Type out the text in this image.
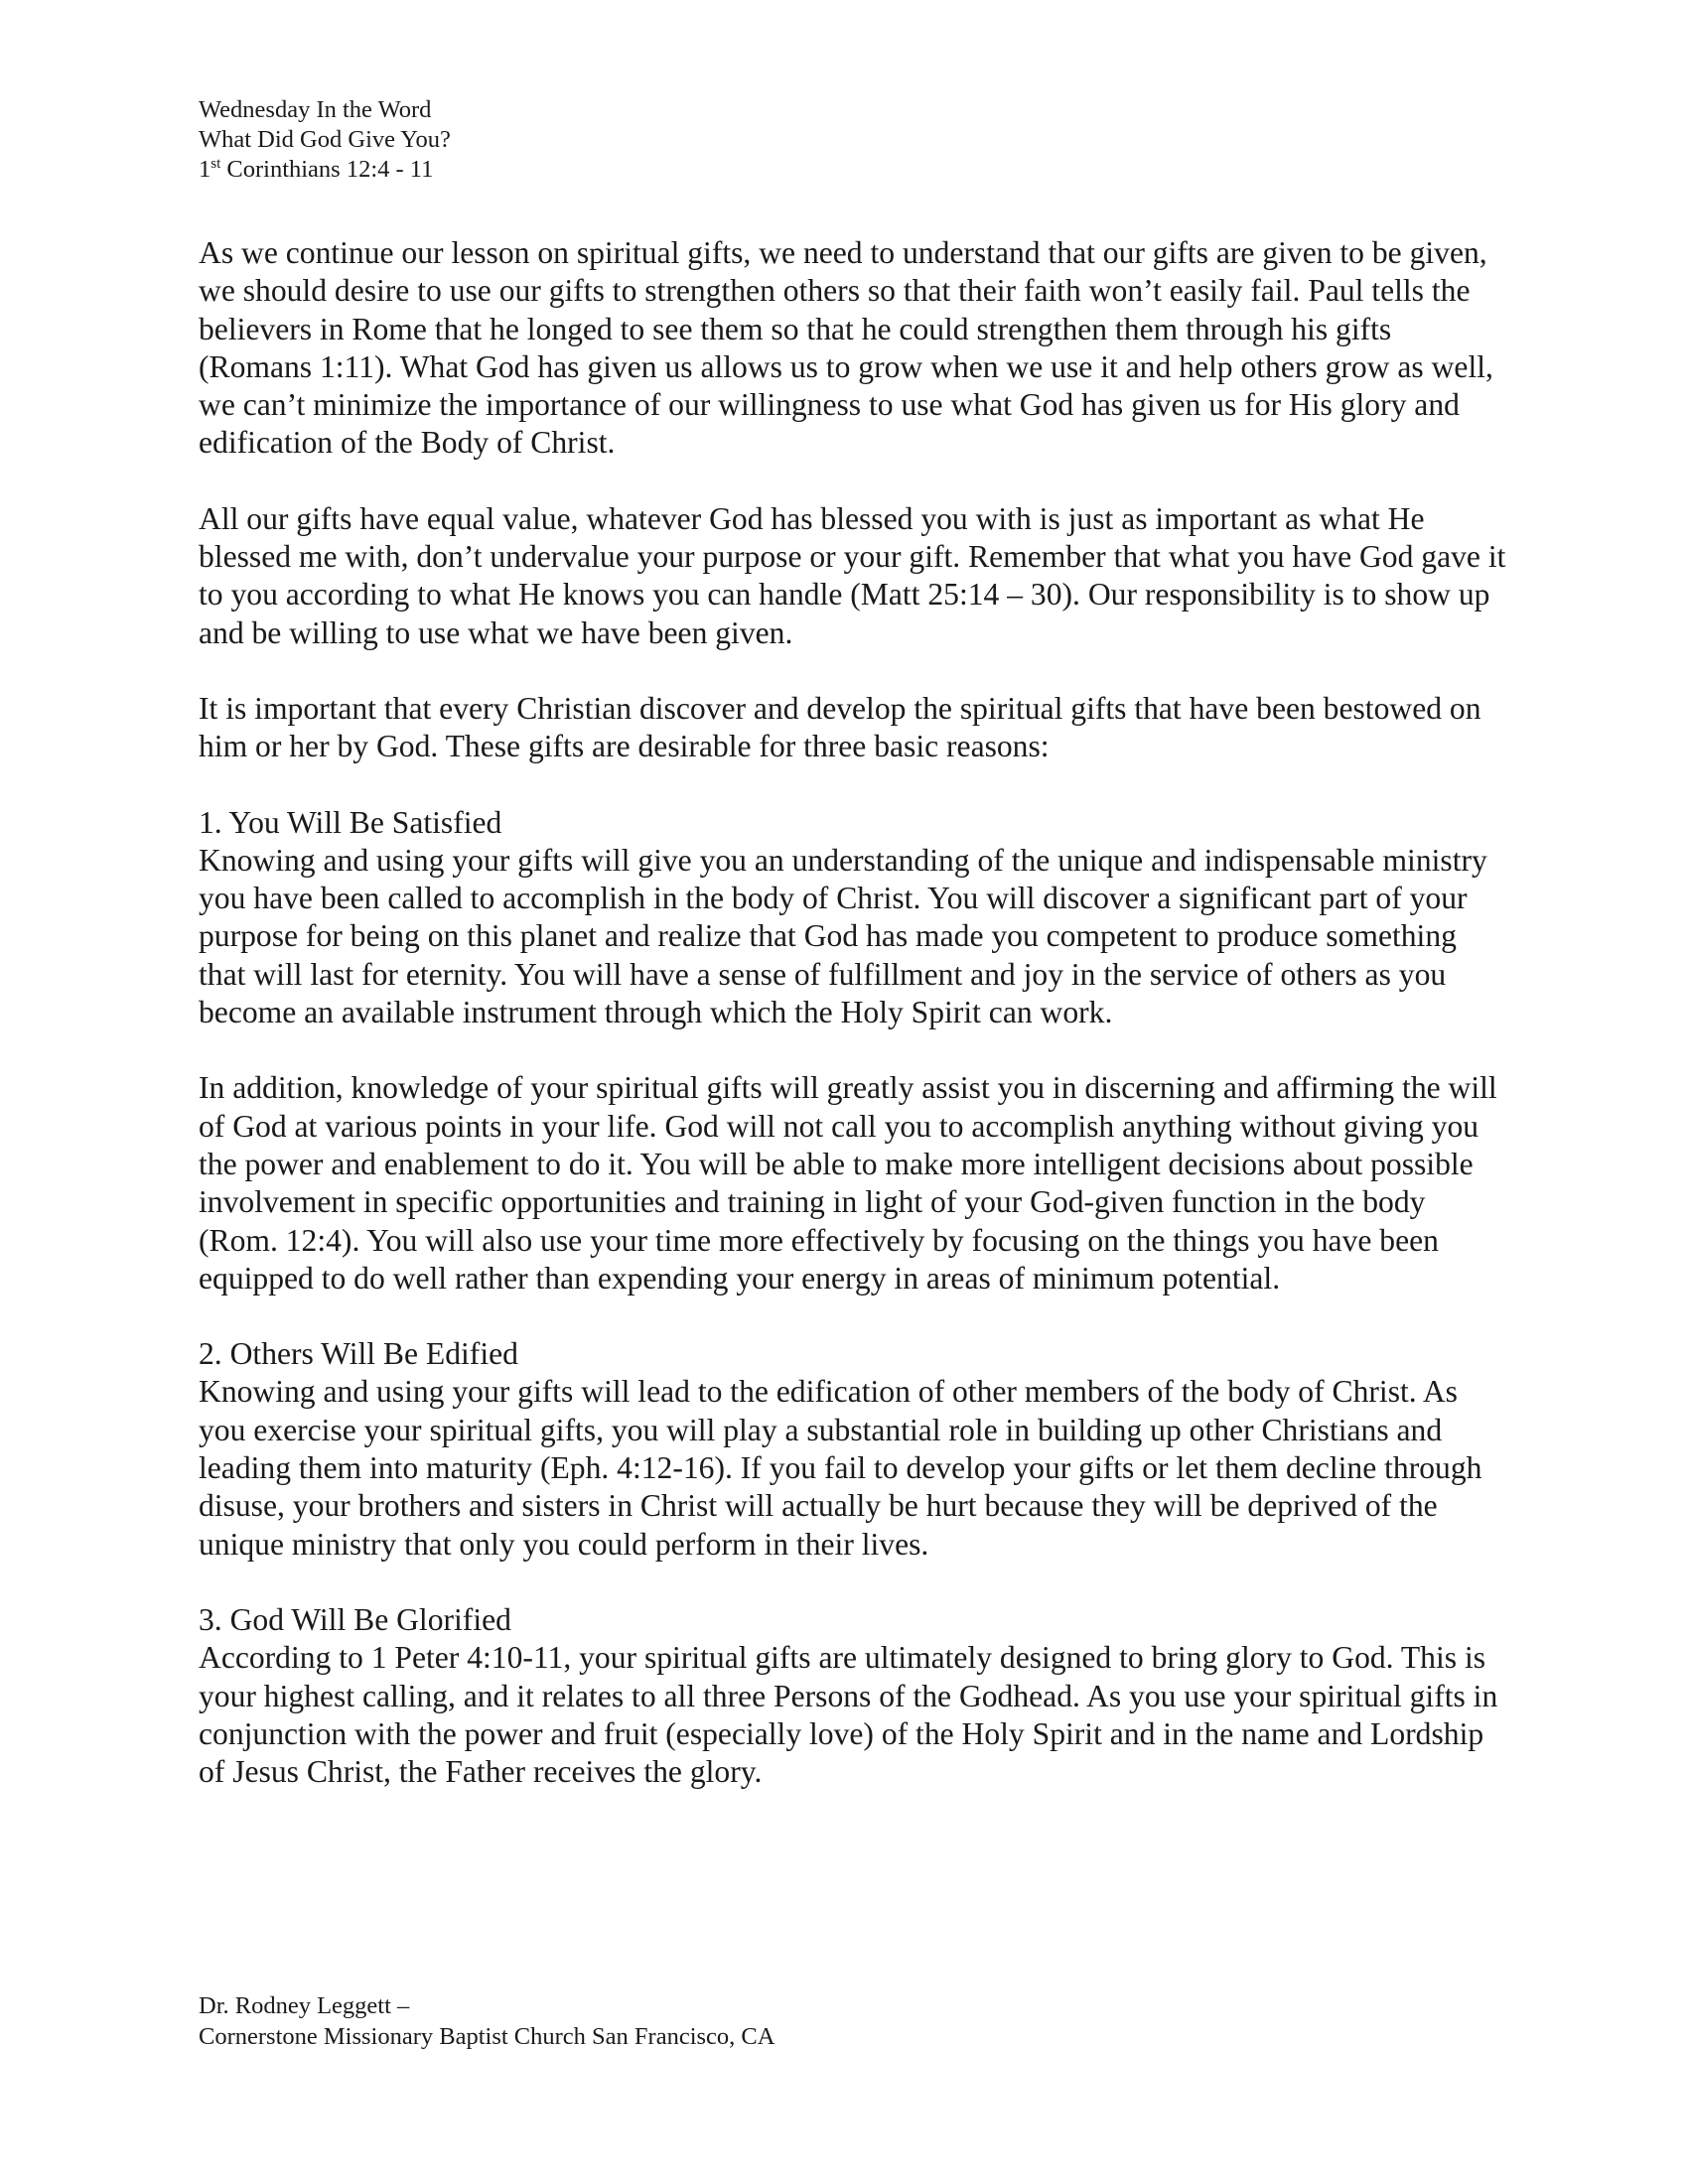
Wednesday In the Word
What Did God Give You?
1st Corinthians 12:4 - 11

As we continue our lesson on spiritual gifts, we need to understand that our gifts are given to be given, we should desire to use our gifts to strengthen others so that their faith won’t easily fail. Paul tells the believers in Rome that he longed to see them so that he could strengthen them through his gifts (Romans 1:11). What God has given us allows us to grow when we use it and help others grow as well, we can’t minimize the importance of our willingness to use what God has given us for His glory and edification of the Body of Christ.

All our gifts have equal value, whatever God has blessed you with is just as important as what He blessed me with, don’t undervalue your purpose or your gift. Remember that what you have God gave it to you according to what He knows you can handle (Matt 25:14 – 30). Our responsibility is to show up and be willing to use what we have been given.

It is important that every Christian discover and develop the spiritual gifts that have been bestowed on him or her by God. These gifts are desirable for three basic reasons:

1. You Will Be Satisfied

Knowing and using your gifts will give you an understanding of the unique and indispensable ministry you have been called to accomplish in the body of Christ. You will discover a significant part of your purpose for being on this planet and realize that God has made you competent to produce something that will last for eternity. You will have a sense of fulfillment and joy in the service of others as you become an available instrument through which the Holy Spirit can work.

In addition, knowledge of your spiritual gifts will greatly assist you in discerning and affirming the will of God at various points in your life. God will not call you to accomplish anything without giving you the power and enablement to do it. You will be able to make more intelligent decisions about possible involvement in specific opportunities and training in light of your God-given function in the body (Rom. 12:4). You will also use your time more effectively by focusing on the things you have been equipped to do well rather than expending your energy in areas of minimum potential.

2. Others Will Be Edified

Knowing and using your gifts will lead to the edification of other members of the body of Christ. As you exercise your spiritual gifts, you will play a substantial role in building up other Christians and leading them into maturity (Eph. 4:12-16). If you fail to develop your gifts or let them decline through disuse, your brothers and sisters in Christ will actually be hurt because they will be deprived of the unique ministry that only you could perform in their lives.

3. God Will Be Glorified

According to 1 Peter 4:10-11, your spiritual gifts are ultimately designed to bring glory to God. This is your highest calling, and it relates to all three Persons of the Godhead. As you use your spiritual gifts in conjunction with the power and fruit (especially love) of the Holy Spirit and in the name and Lordship of Jesus Christ, the Father receives the glory.

Dr. Rodney Leggett –
Cornerstone Missionary Baptist Church San Francisco, CA
